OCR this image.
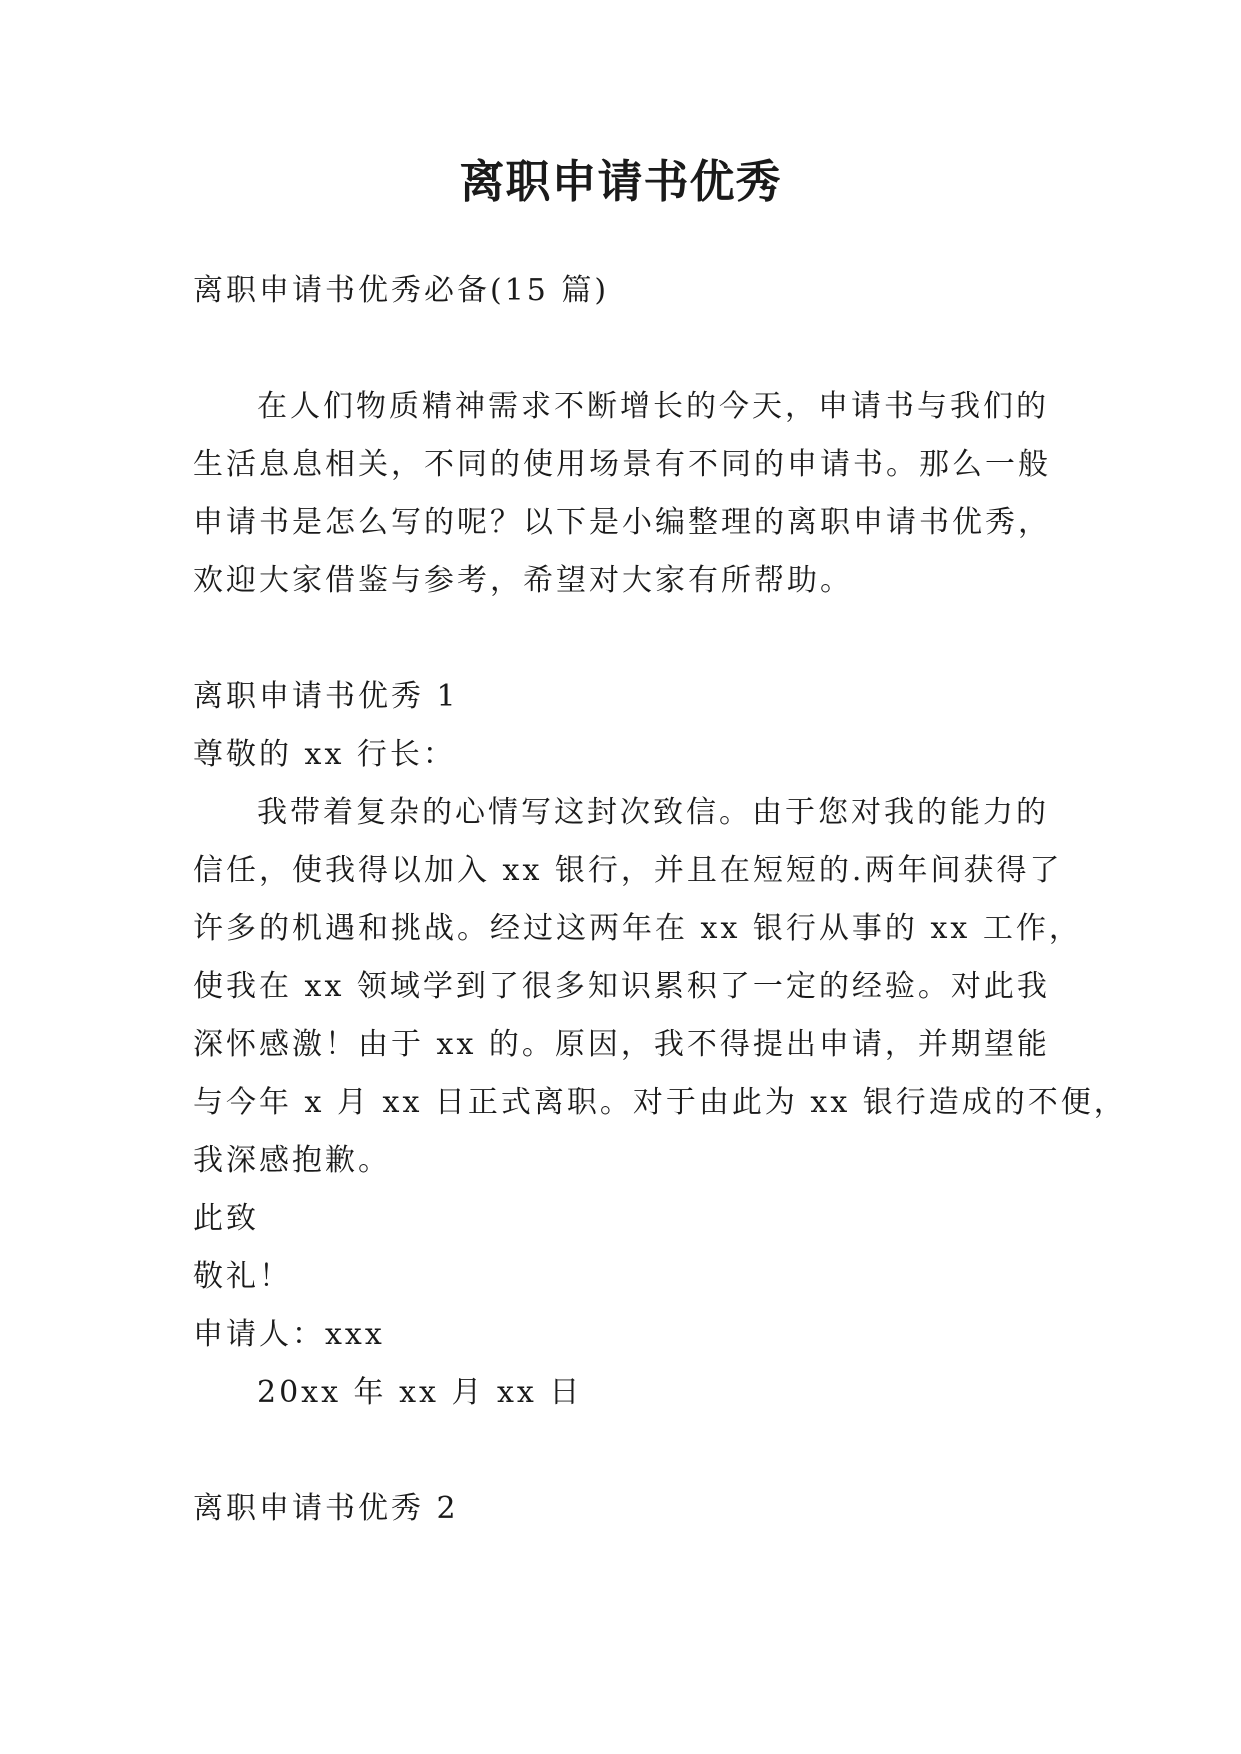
离职申请书优秀
离职申请书优秀必备(15 篇)
在人们物质精神需求不断增长的今天，申请书与我们的
生活息息相关，不同的使用场景有不同的申请书。那么一般
申请书是怎么写的呢？以下是小编整理的离职申请书优秀，
欢迎大家借鉴与参考，希望对大家有所帮助。
离职申请书优秀 1
尊敬的 xx 行长：
我带着复杂的心情写这封次致信。由于您对我的能力的
信任，使我得以加入 xx 银行，并且在短短的.两年间获得了
许多的机遇和挑战。经过这两年在 xx 银行从事的 xx 工作，
使我在 xx 领域学到了很多知识累积了一定的经验。对此我
深怀感激！由于 xx 的。原因，我不得提出申请，并期望能
与今年 x 月 xx 日正式离职。对于由此为 xx 银行造成的不便，
我深感抱歉。
此致
敬礼！
申请人：xxx
20xx 年 xx 月 xx 日
离职申请书优秀 2
